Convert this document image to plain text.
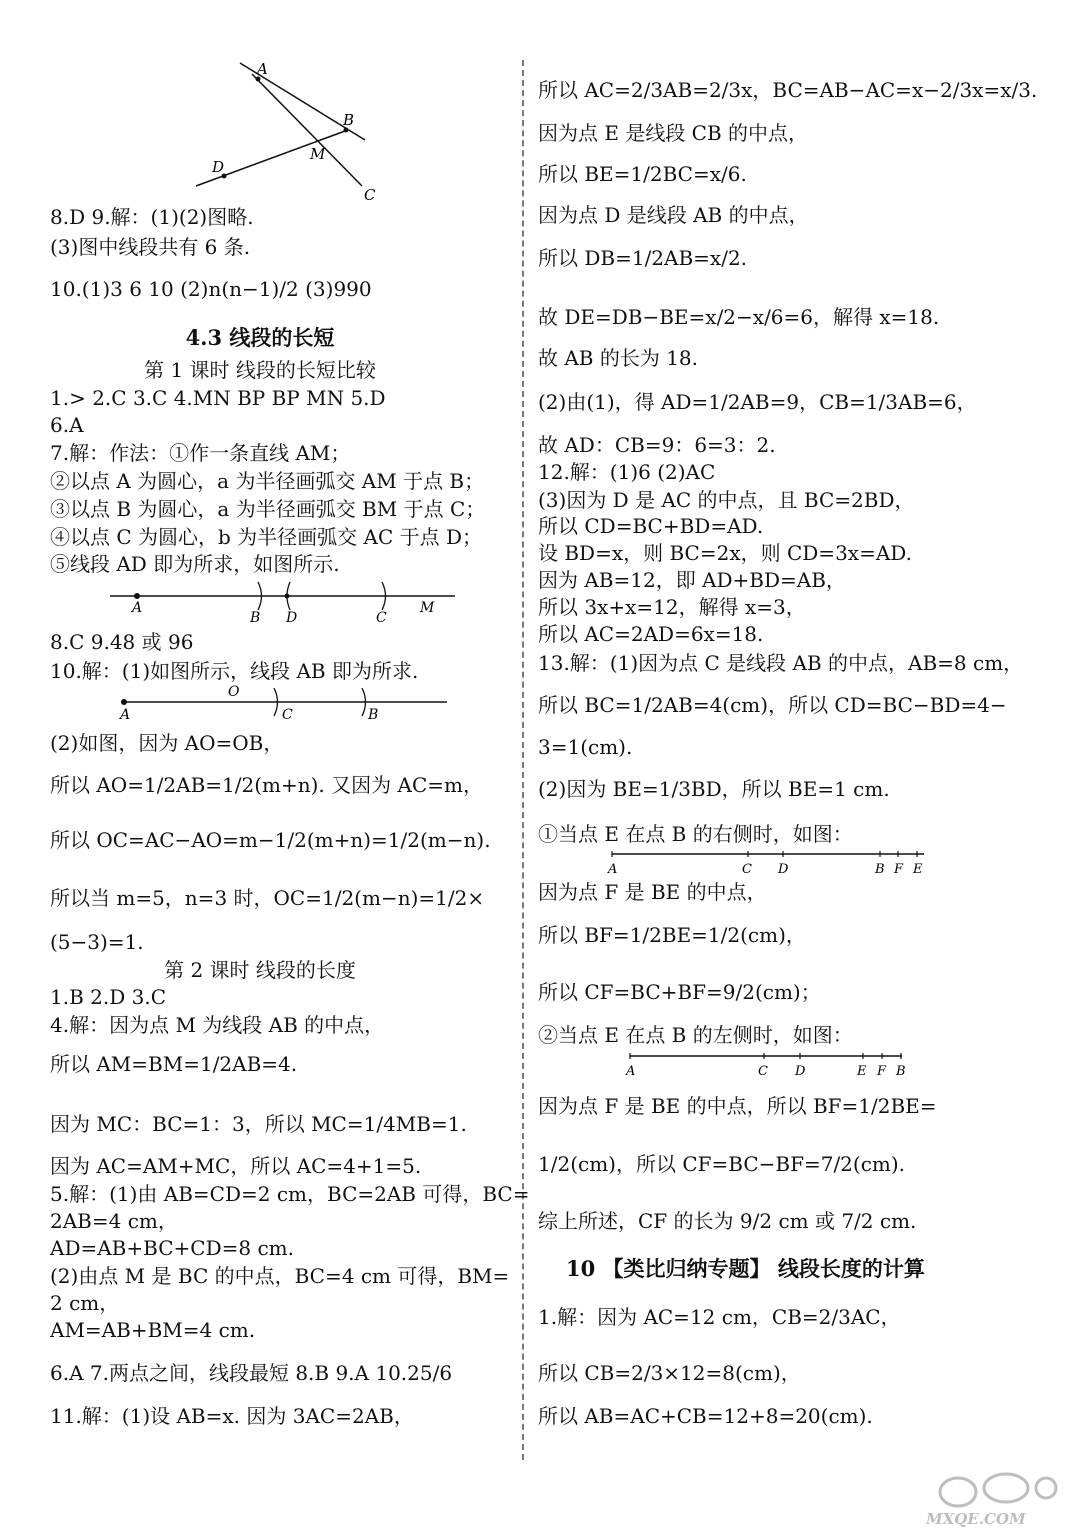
A
B
M
D
C
8.D 9.解：(1)(2)图略.
(3)图中线段共有 6 条.
10.(1)3 6 10 (2)n(n−1)/2 (3)990
4.3 线段的长短
第 1 课时 线段的长短比较
1.> 2.C 3.C 4.MN BP BP MN 5.D
6.A
7.解：作法：①作一条直线 AM；
②以点 A 为圆心，a 为半径画弧交 AM 于点 B；
③以点 B 为圆心，a 为半径画弧交 BM 于点 C；
④以点 C 为圆心，b 为半径画弧交 AC 于点 D；
⑤线段 AD 即为所求，如图所示.
A
B D	C
M
8.C 9.48 或 96
10.解：(1)如图所示，线段 AB 即为所求.
O
A	C	B
(2)如图，因为 AO=OB，
所以 AO=1/2AB=1/2(m+n). 又因为 AC=m，
所以 OC=AC−AO=m−1/2(m+n)=1/2(m−n).
所以当 m=5，n=3 时，OC=1/2(m−n)=1/2×
(5−3)=1.
第 2 课时 线段的长度
1.B 2.D 3.C
4.解：因为点 M 为线段 AB 的中点，
所以 AM=BM=1/2AB=4.
因为 MC：BC=1：3，所以 MC=1/4MB=1.
因为 AC=AM+MC，所以 AC=4+1=5.
5.解：(1)由 AB=CD=2 cm，BC=2AB 可得，BC=
2AB=4 cm，
AD=AB+BC+CD=8 cm.
(2)由点 M 是 BC 的中点，BC=4 cm 可得，BM=
2 cm，
AM=AB+BM=4 cm.
6.A 7.两点之间，线段最短 8.B 9.A 10.25/6
11.解：(1)设 AB=x. 因为 3AC=2AB，
所以 AC=2/3AB=2/3x，BC=AB−AC=x−2/3x=x/3.
因为点 E 是线段 CB 的中点，
所以 BE=1/2BC=x/6.
因为点 D 是线段 AB 的中点，
所以 DB=1/2AB=x/2.
故 DE=DB−BE=x/2−x/6=6，解得 x=18.
故 AB 的长为 18.
(2)由(1)，得 AD=1/2AB=9，CB=1/3AB=6，
故 AD：CB=9：6=3：2.
12.解：(1)6 (2)AC
(3)因为 D 是 AC 的中点，且 BC=2BD，
所以 CD=BC+BD=AD.
设 BD=x，则 BC=2x，则 CD=3x=AD.
因为 AB=12，即 AD+BD=AB，
所以 3x+x=12，解得 x=3，
所以 AC=2AD=6x=18.
13.解：(1)因为点 C 是线段 AB 的中点，AB=8 cm，
所以 BC=1/2AB=4(cm)，所以 CD=BC−BD=4−
3=1(cm).
(2)因为 BE=1/3BD，所以 BE=1 cm.
①当点 E 在点 B 的右侧时，如图：
A	C D	B F E
因为点 F 是 BE 的中点，
所以 BF=1/2BE=1/2(cm)，
所以 CF=BC+BF=9/2(cm)；
②当点 E 在点 B 的左侧时，如图：
A	C D	E F B
因为点 F 是 BE 的中点，所以 BF=1/2BE=
1/2(cm)，所以 CF=BC−BF=7/2(cm).
综上所述，CF 的长为 9/2 cm 或 7/2 cm.
10 【类比归纳专题】 线段长度的计算
1.解：因为 AC=12 cm，CB=2/3AC，
所以 CB=2/3×12=8(cm)，
所以 AB=AC+CB=12+8=20(cm).
MXQE.COM
